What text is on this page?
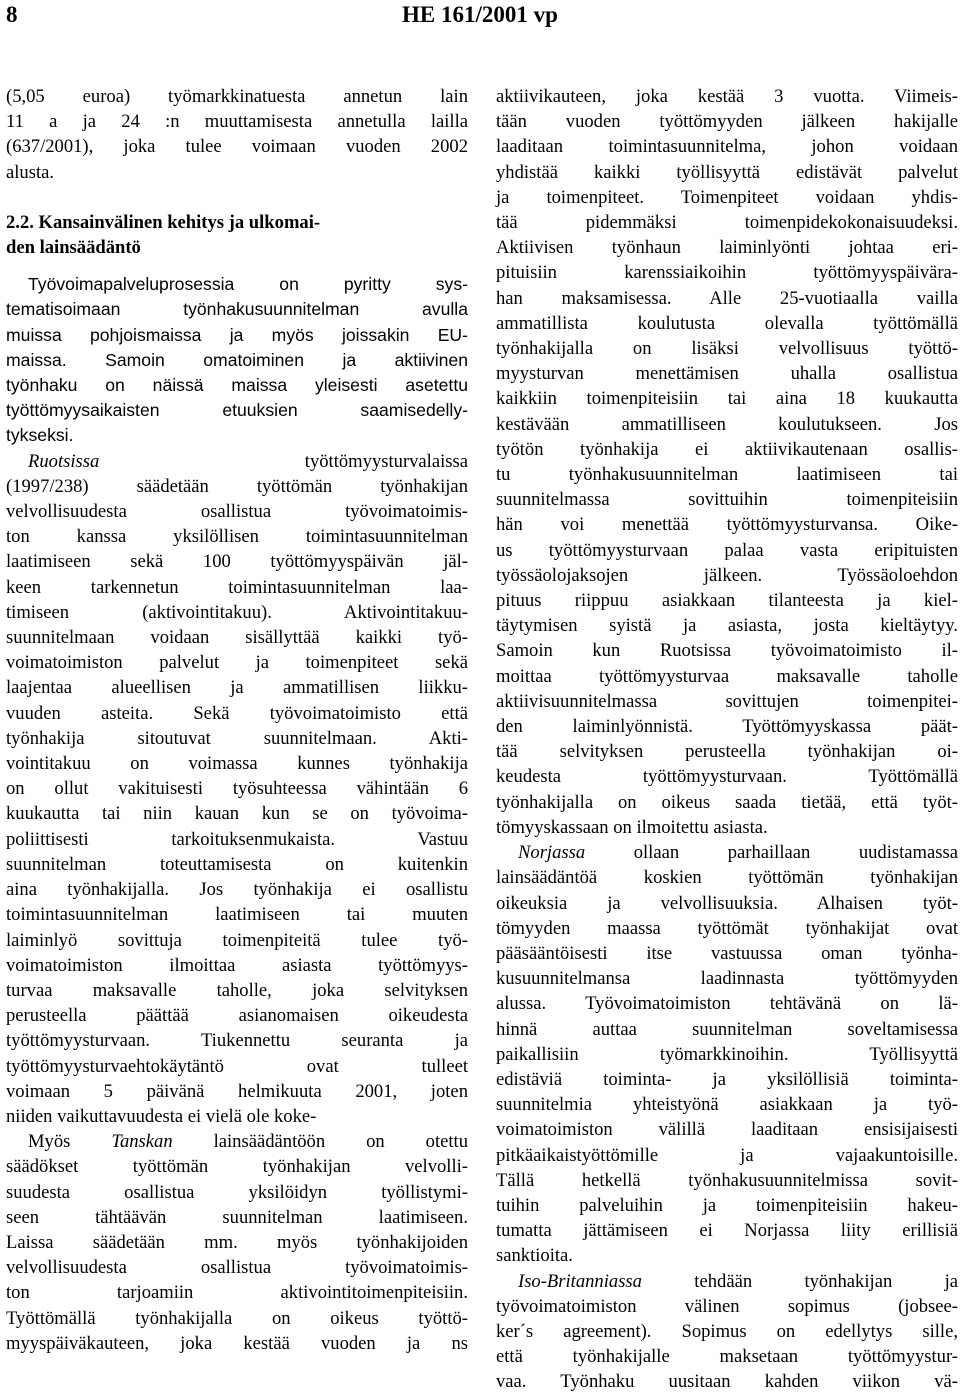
8	HE 161/2001 vp

(5,05 euroa) työmarkkinatuesta annetun lain
11 a ja 24 :n muuttamisesta annetulla lailla
(637/2001), joka tulee voimaan vuoden 2002
alusta.

2.2. Kansainvälinen kehitys ja ulkomai-
den lainsäädäntö

Työvoimapalveluprosessia on pyritty sys-
tematisoimaan työnhakusuunnitelman avulla
muissa pohjoismaissa ja myös joissakin EU-
maissa. Samoin omatoiminen ja aktiivinen
työnhaku on näissä maissa yleisesti asetettu
työttömyysaikaisten etuuksien saamisedelly-
tykseksi.

Ruotsissa	työttömyysturvalaissa
(1997/238) säädetään työttömän työnhakijan
velvollisuudesta osallistua työvoimatoimis-
ton kanssa yksilöllisen toimintasuunnitelman
laatimiseen sekä 100 työttömyyspäivän jäl-
keen tarkennetun toimintasuunnitelman laa-
timiseen (aktivointitakuu). Aktivointitakuu-
suunnitelmaan voidaan sisällyttää kaikki työ-
voimatoimiston palvelut ja toimenpiteet sekä
laajentaa alueellisen ja ammatillisen liikku-
vuuden asteita. Sekä työvoimatoimisto että
työnhakija sitoutuvat suunnitelmaan. Akti-
vointitakuu on voimassa kunnes työnhakija
on ollut vakituisesti työsuhteessa vähintään 6
kuukautta tai niin kauan kun se on työvoima-
poliittisesti tarkoituksenmukaista. Vastuu
suunnitelman toteuttamisesta on kuitenkin
aina työnhakijalla. Jos työnhakija ei osallistu
toimintasuunnitelman laatimiseen tai muuten
laiminlyö sovittuja toimenpiteitä tulee työ-
voimatoimiston ilmoittaa asiasta työttömyys-
turvaa maksavalle taholle, joka selvityksen
perusteella päättää asianomaisen oikeudesta
työttömyysturvaan. Tiukennettu seuranta ja
työttömyysturvaehtokäytäntö ovat tulleet
voimaan 5 päivänä helmikuuta 2001, joten
niiden vaikuttavuudesta ei vielä ole koke-

Myös Tanskan lainsäädäntöön on otettu
säädökset työttömän työnhakijan velvolli-
suudesta osallistua yksilöidyn työllistymi-
seen tähtäävän suunnitelman laatimiseen.
Laissa säädetään mm. myös työnhakijoiden
velvollisuudesta osallistua työvoimatoimis-
ton tarjoamiin aktivointitoimenpiteisiin.
Työttömällä työnhakijalla on oikeus työttö-
myyspäiväkauteen, joka kestää vuoden ja ns

aktiivikauteen, joka kestää 3 vuotta. Viimeis-
tään vuoden työttömyyden jälkeen hakijalle
laaditaan toimintasuunnitelma, johon voidaan
yhdistää kaikki työllisyyttä edistävät palvelut
ja toimenpiteet. Toimenpiteet voidaan yhdis-
tää pidemmäksi toimenpidekokonaisuudeksi.
Aktiivisen työnhaun laiminlyönti johtaa eri-
pituisiin karenssiaikoihin työttömyyspäivära-
han maksamisessa. Alle 25-vuotiaalla vailla
ammatillista koulutusta olevalla työttömällä
työnhakijalla on lisäksi velvollisuus työttö-
myysturvan menettämisen uhalla osallistua
kaikkiin toimenpiteisiin tai aina 18 kuukautta
kestävään ammatilliseen koulutukseen. Jos
työtön työnhakija ei aktiivikautenaan osallis-
tu työnhakusuunnitelman laatimiseen tai
suunnitelmassa sovittuihin toimenpiteisiin
hän voi menettää työttömyysturvansa. Oike-
us työttömyysturvaan palaa vasta eripituisten
työssäolojaksojen jälkeen. Työssäoloehdon
pituus riippuu asiakkaan tilanteesta ja kiel-
täytymisen syistä ja asiasta, josta kieltäytyy.
Samoin kun Ruotsissa työvoimatoimisto il-
moittaa työttömyysturvaa maksavalle taholle
aktiivisuunnitelmassa sovittujen toimenpitei-
den laiminlyönnistä. Työttömyyskassa päät-
tää selvityksen perusteella työnhakijan oi-
keudesta työttömyysturvaan. Työttömällä
työnhakijalla on oikeus saada tietää, että työt-
tömyyskassaan on ilmoitettu asiasta.

Norjassa ollaan parhaillaan uudistamassa
lainsäädäntöä koskien työttömän työnhakijan
oikeuksia ja velvollisuuksia. Alhaisen työt-
tömyyden maassa työttömät työnhakijat ovat
pääsääntöisesti itse vastuussa oman työnha-
kusuunnitelmansa laadinnasta työttömyyden
alussa. Työvoimatoimiston tehtävänä on lä-
hinnä auttaa suunnitelman soveltamisessa
paikallisiin työmarkkinoihin. Työllisyyttä
edistäviä toiminta- ja yksilöllisiä toiminta-
suunnitelmia yhteistyönä asiakkaan ja työ-
voimatoimiston välillä laaditaan ensisijaisesti
pitkäaikaistyöttömille ja vajaakuntoisille.
Tällä hetkellä työnhakusuunnitelmissa sovit-
tuihin palveluihin ja toimenpiteisiin hakeu-
tumatta jättämiseen ei Norjassa liity erillisiä
sanktioita.

Iso-Britanniassa tehdään työnhakijan ja
työvoimatoimiston välinen sopimus (jobsee-
ker´s agreement). Sopimus on edellytys sille,
että työnhakijalle maksetaan työttömyystur-
vaa. Työnhaku uusitaan kahden viikon vä-
